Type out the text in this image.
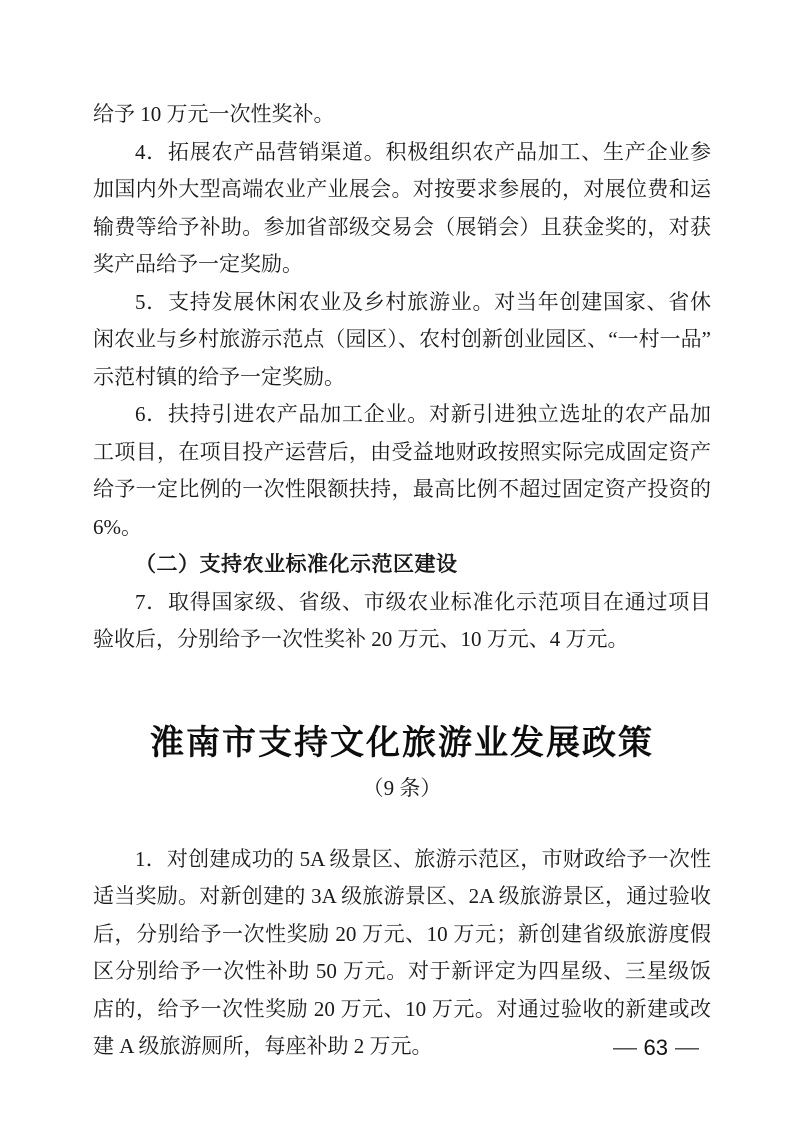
给予 10 万元一次性奖补。

4．拓展农产品营销渠道。积极组织农产品加工、生产企业参加国内外大型高端农业产业展会。对按要求参展的，对展位费和运输费等给予补助。参加省部级交易会（展销会）且获金奖的，对获奖产品给予一定奖励。

5．支持发展休闲农业及乡村旅游业。对当年创建国家、省休闲农业与乡村旅游示范点（园区）、农村创新创业园区、“一村一品”示范村镇的给予一定奖励。

6．扶持引进农产品加工企业。对新引进独立选址的农产品加工项目，在项目投产运营后，由受益地财政按照实际完成固定资产给予一定比例的一次性限额扶持，最高比例不超过固定资产投资的 6%。

（二）支持农业标准化示范区建设

7．取得国家级、省级、市级农业标准化示范项目在通过项目验收后，分别给予一次性奖补 20 万元、10 万元、4 万元。

淮南市支持文化旅游业发展政策
（9 条）

1．对创建成功的 5A 级景区、旅游示范区，市财政给予一次性适当奖励。对新创建的 3A 级旅游景区、2A 级旅游景区，通过验收后，分别给予一次性奖励 20 万元、10 万元；新创建省级旅游度假区分别给予一次性补助 50 万元。对于新评定为四星级、三星级饭店的，给予一次性奖励 20 万元、10 万元。对通过验收的新建或改建 A 级旅游厕所，每座补助 2 万元。	— 63 —
